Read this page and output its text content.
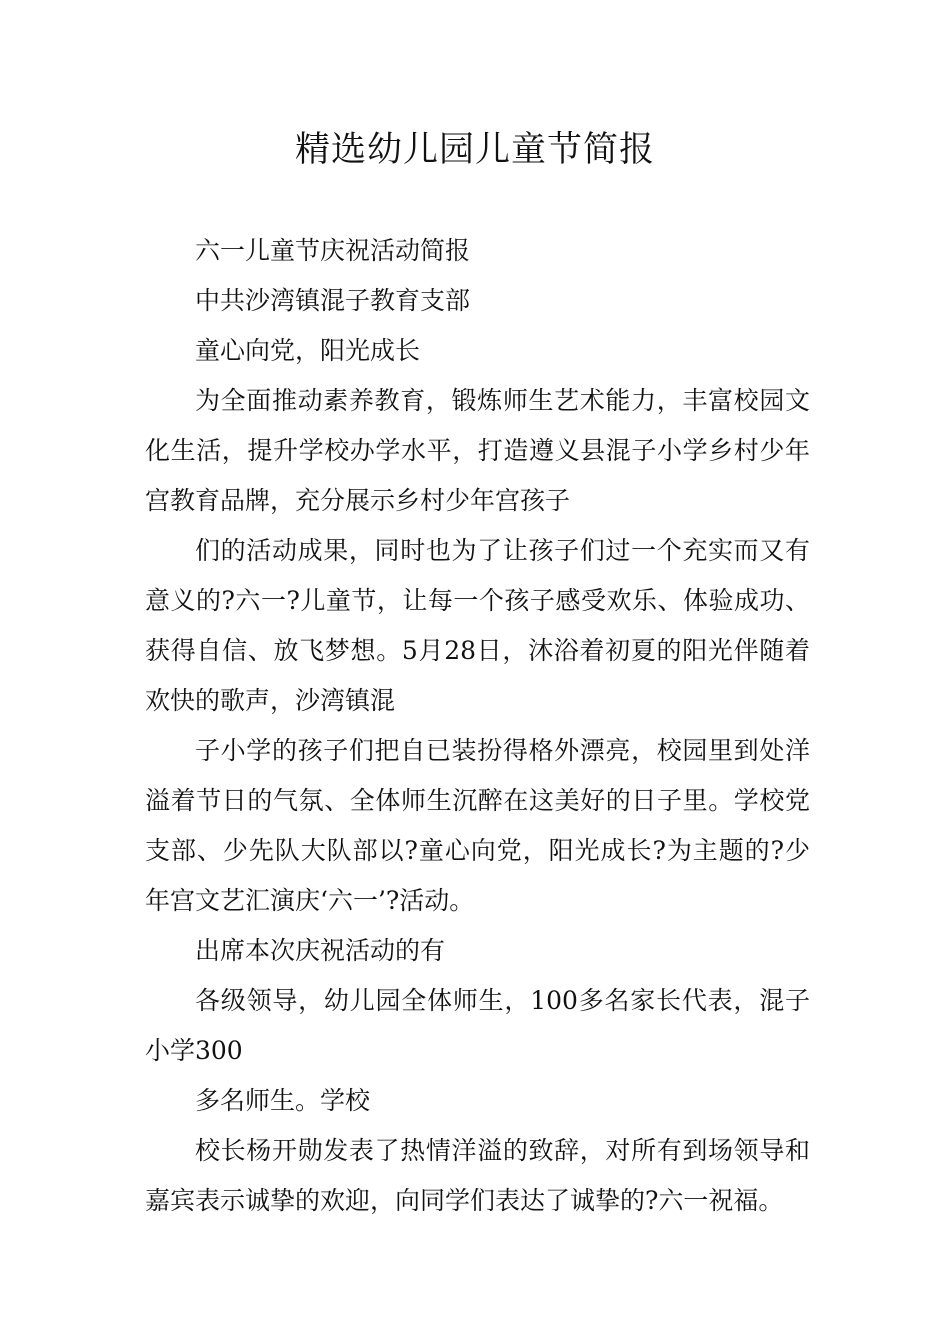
精选幼儿园儿童节简报

六一儿童节庆祝活动简报

中共沙湾镇混子教育支部

童心向党，阳光成长

为全面推动素养教育，锻炼师生艺术能力，丰富校园文化生活，提升学校办学水平，打造遵义县混子小学乡村少年宫教育品牌，充分展示乡村少年宫孩子

们的活动成果，同时也为了让孩子们过一个充实而又有意义的?六一?儿童节，让每一个孩子感受欢乐、体验成功、获得自信、放飞梦想。5月28日，沐浴着初夏的阳光伴随着欢快的歌声，沙湾镇混

子小学的孩子们把自已装扮得格外漂亮，校园里到处洋溢着节日的气氛、全体师生沉醉在这美好的日子里。学校党支部、少先队大队部以?童心向党，阳光成长?为主题的?少年宫文艺汇演庆‘六一’?活动。

出席本次庆祝活动的有

各级领导，幼儿园全体师生，100多名家长代表，混子小学300

多名师生。学校

校长杨开勋发表了热情洋溢的致辞，对所有到场领导和嘉宾表示诚挚的欢迎，向同学们表达了诚挚的?六一祝福。
